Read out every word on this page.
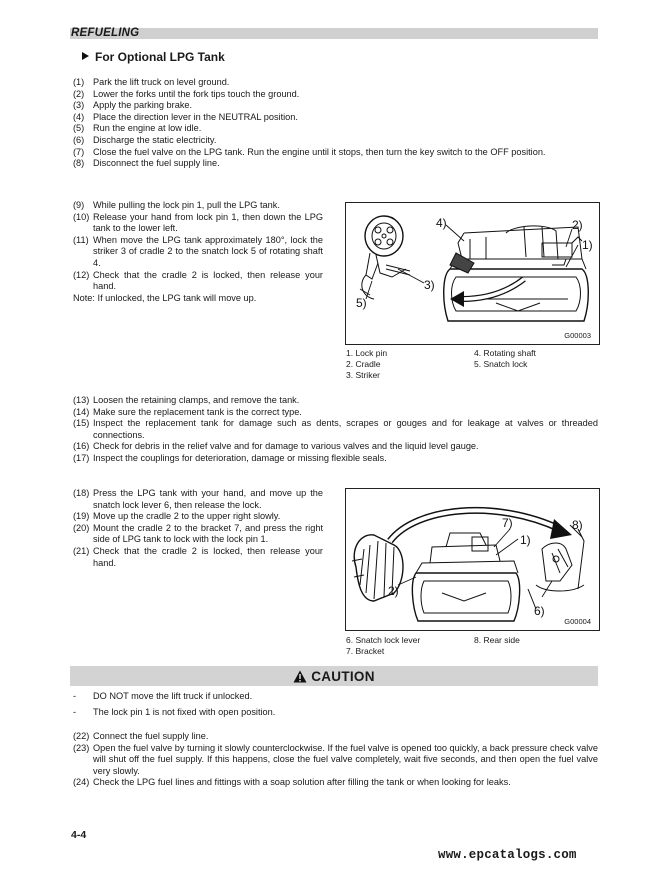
REFUELING
For Optional LPG Tank
(1) Park the lift truck on level ground.
(2) Lower the forks until the fork tips touch the ground.
(3) Apply the parking brake.
(4) Place the direction lever in the NEUTRAL position.
(5) Run the engine at low idle.
(6) Discharge the static electricity.
(7) Close the fuel valve on the LPG tank. Run the engine until it stops, then turn the key switch to the OFF position.
(8) Disconnect the fuel supply line.
(9) While pulling the lock pin 1, pull the LPG tank.
(10) Release your hand from lock pin 1, then down the LPG tank to the lower left.
(11) When move the LPG tank approximately 180°, lock the striker 3 of cradle 2 to the snatch lock 5 of rotating shaft 4.
(12) Check that the cradle 2 is locked, then release your hand.
Note: If unlocked, the LPG tank will move up.
1)
2)
3)
4)
5)
G00003
1. Lock pin	4. Rotating shaft
2. Cradle	5. Snatch lock
3. Striker
(13) Loosen the retaining clamps, and remove the tank.
(14) Make sure the replacement tank is the correct type.
(15) Inspect the replacement tank for damage such as dents, scrapes or gouges and for leakage at valves or threaded connections.
(16) Check for debris in the relief valve and for damage to various valves and the liquid level gauge.
(17) Inspect the couplings for deterioration, damage or missing flexible seals.
(18) Press the LPG tank with your hand, and move up the snatch lock lever 6, then release the lock.
(19) Move up the cradle 2 to the upper right slowly.
(20) Mount the cradle 2 to the bracket 7, and press the right side of LPG tank to lock with the lock pin 1.
(21) Check that the cradle 2 is locked, then release your hand.
1)
2)
6)
7)	8)
G00004
6. Snatch lock lever	8. Rear side
7. Bracket
CAUTION
-	DO NOT move the lift truck if unlocked.
-	The lock pin 1 is not fixed with open position.
(22) Connect the fuel supply line.
(23) Open the fuel valve by turning it slowly counterclockwise. If the fuel valve is opened too quickly, a back pressure check valve will shut off the fuel supply. If this happens, close the fuel valve completely, wait five seconds, and then open the fuel valve very slowly.
(24) Check the LPG fuel lines and fittings with a soap solution after filling the tank or when looking for leaks.
4-4
www.epcatalogs.com
